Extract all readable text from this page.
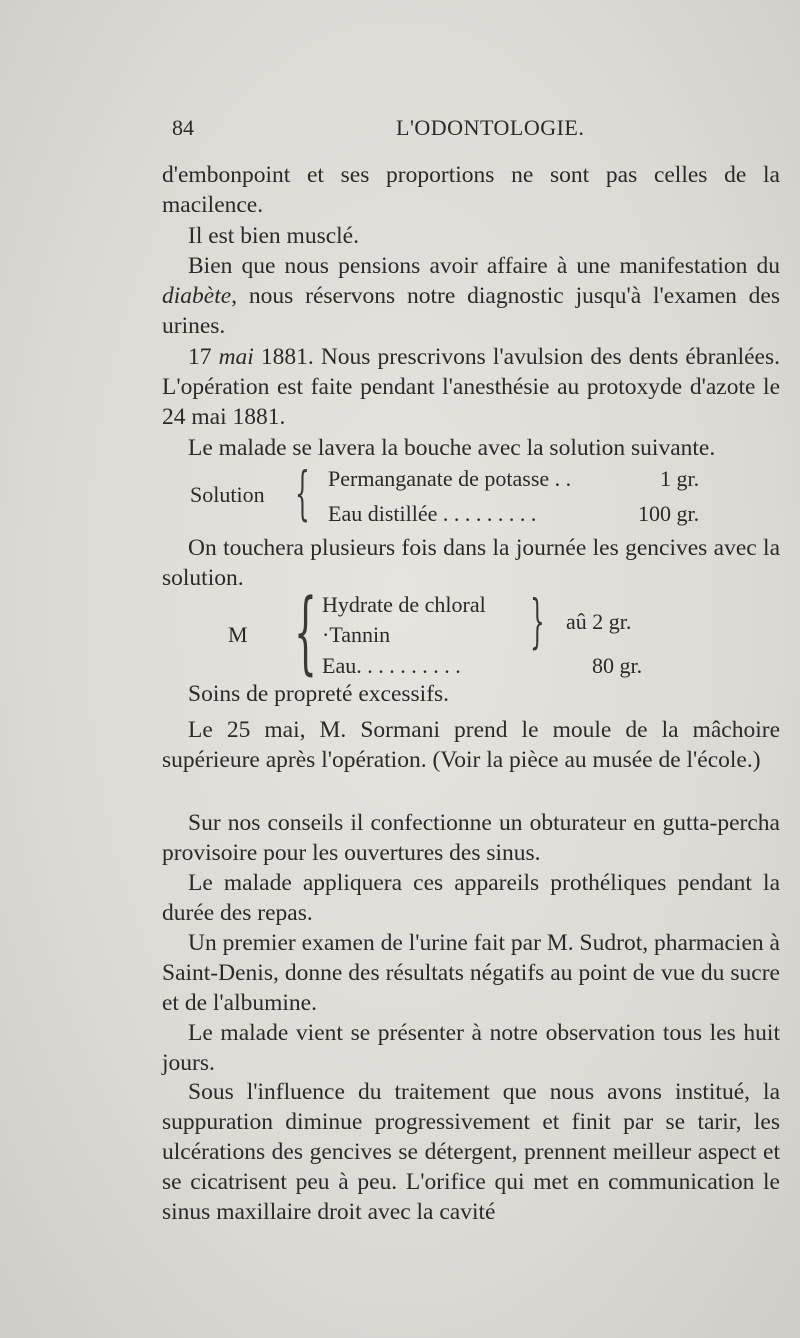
84	L'ODONTOLOGIE.
d'embonpoint et ses proportions ne sont pas celles de la macilence.
Il est bien musclé.
Bien que nous pensions avoir affaire à une manifestation du diabète, nous réservons notre diagnostic jusqu'à l'examen des urines.
17 mai 1881. Nous prescrivons l'avulsion des dents ébranlées. L'opération est faite pendant l'anesthésie au protoxyde d'azote le 24 mai 1881.
Le malade se lavera la bouche avec la solution suivante.
Solution { Permanganate de potasse . .	1 gr.
Eau distillée . . . . . . . . .	100 gr.
On touchera plusieurs fois dans la journée les gencives avec la solution.
M { Hydrate de chloral
·Tannin } aû 2 gr.
Eau. . . . . . . . . .	80 gr.
Soins de propreté excessifs.
Le 25 mai, M. Sormani prend le moule de la mâchoire supérieure après l'opération. (Voir la pièce au musée de l'école.)
Sur nos conseils il confectionne un obturateur en gutta-percha provisoire pour les ouvertures des sinus.
Le malade appliquera ces appareils prothéliques pendant la durée des repas.
Un premier examen de l'urine fait par M. Sudrot, pharmacien à Saint-Denis, donne des résultats négatifs au point de vue du sucre et de l'albumine.
Le malade vient se présenter à notre observation tous les huit jours.
Sous l'influence du traitement que nous avons institué, la suppuration diminue progressivement et finit par se tarir, les ulcérations des gencives se détergent, prennent meilleur aspect et se cicatrisent peu à peu. L'orifice qui met en communication le sinus maxillaire droit avec la cavité
